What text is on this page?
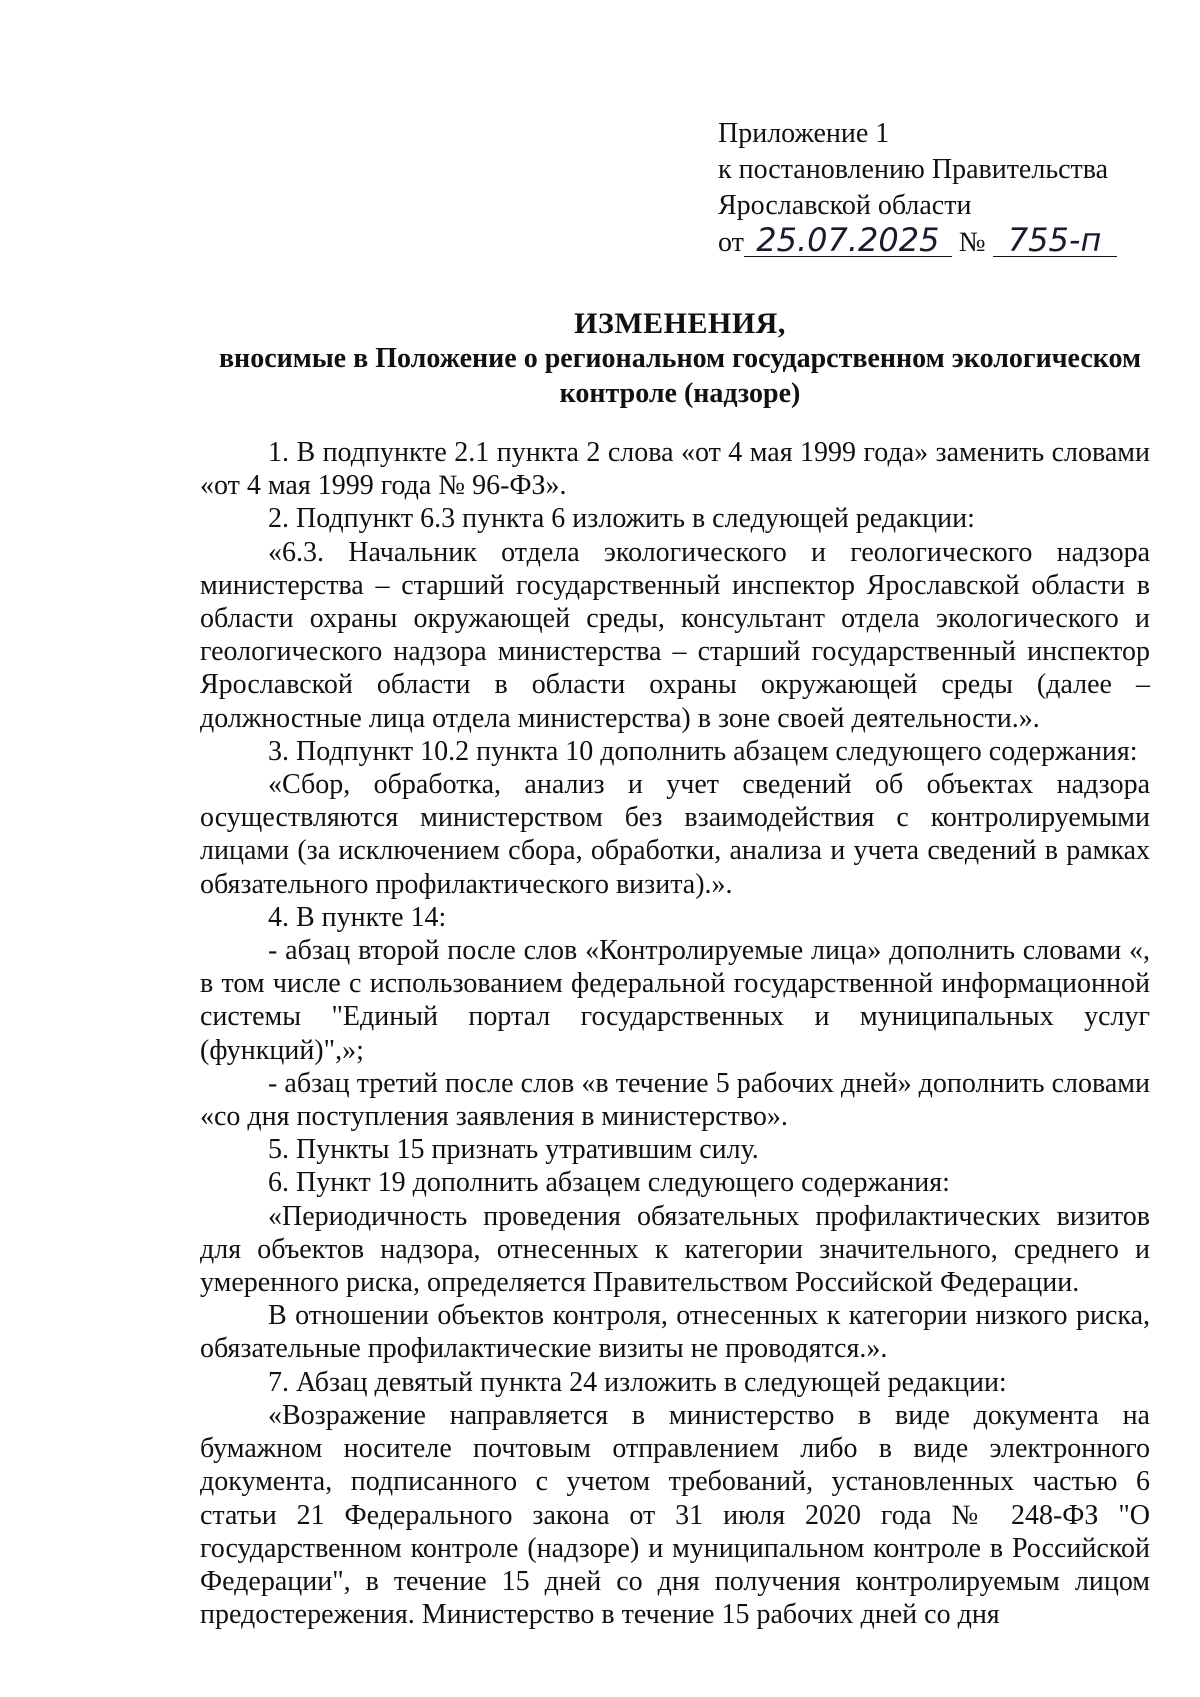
Приложение 1
к постановлению Правительства
Ярославской области
от 25.07.2025 № 755-п
ИЗМЕНЕНИЯ,
вносимые в Положение о региональном государственном экологическом контроле (надзоре)

1. В подпункте 2.1 пункта 2 слова «от 4 мая 1999 года» заменить словами «от 4 мая 1999 года № 96-ФЗ».

2. Подпункт 6.3 пункта 6 изложить в следующей редакции:

«6.3. Начальник отдела экологического и геологического надзора министерства – старший государственный инспектор Ярославской области в области охраны окружающей среды, консультант отдела экологического и геологического надзора министерства – старший государственный инспектор Ярославской области в области охраны окружающей среды (далее – должностные лица отдела министерства) в зоне своей деятельности.».

3. Подпункт 10.2 пункта 10 дополнить абзацем следующего содержания:

«Сбор, обработка, анализ и учет сведений об объектах надзора осуществляются министерством без взаимодействия с контролируемыми лицами (за исключением сбора, обработки, анализа и учета сведений в рамках обязательного профилактического визита).».

4. В пункте 14:

- абзац второй после слов «Контролируемые лица» дополнить словами «, в том числе с использованием федеральной государственной информационной системы "Единый портал государственных и муниципальных услуг (функций)",»;

- абзац третий после слов «в течение 5 рабочих дней» дополнить словами «со дня поступления заявления в министерство».

5. Пункты 15 признать утратившим силу.

6. Пункт 19 дополнить абзацем следующего содержания:

«Периодичность проведения обязательных профилактических визитов для объектов надзора, отнесенных к категории значительного, среднего и умеренного риска, определяется Правительством Российской Федерации.

В отношении объектов контроля, отнесенных к категории низкого риска, обязательные профилактические визиты не проводятся.».

7. Абзац девятый пункта 24 изложить в следующей редакции:

«Возражение направляется в министерство в виде документа на бумажном носителе почтовым отправлением либо в виде электронного документа, подписанного с учетом требований, установленных частью 6 статьи 21 Федерального закона от 31 июля 2020 года № 248-ФЗ "О государственном контроле (надзоре) и муниципальном контроле в Российской Федерации", в течение 15 дней со дня получения контролируемым лицом предостережения. Министерство в течение 15 рабочих дней со дня
